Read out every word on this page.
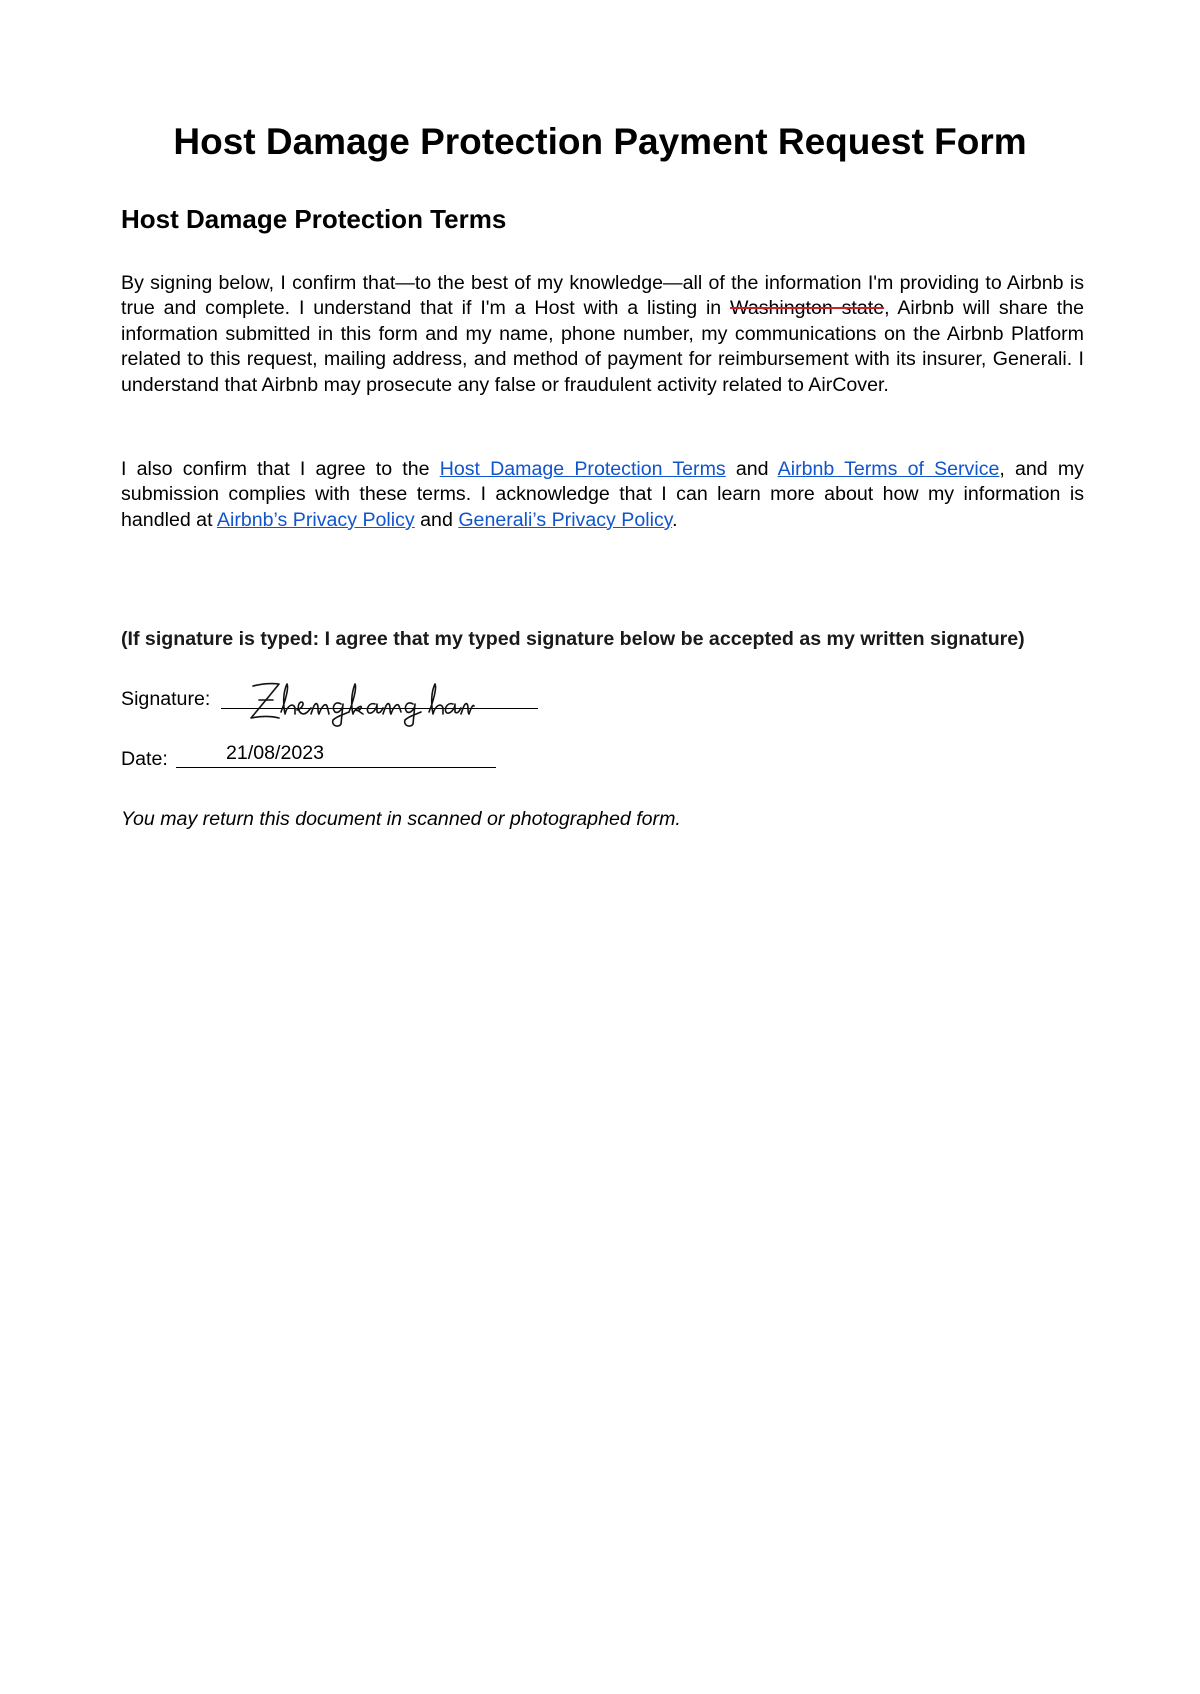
Host Damage Protection Payment Request Form
Host Damage Protection Terms

By signing below, I confirm that—to the best of my knowledge—all of the information I'm providing to Airbnb is true and complete. I understand that if I'm a Host with a listing in Washington state, Airbnb will share the information submitted in this form and my name, phone number, my communications on the Airbnb Platform related to this request, mailing address, and method of payment for reimbursement with its insurer, Generali. I understand that Airbnb may prosecute any false or fraudulent activity related to AirCover.

I also confirm that I agree to the Host Damage Protection Terms and Airbnb Terms of Service, and my submission complies with these terms. I acknowledge that I can learn more about how my information is handled at Airbnb’s Privacy Policy and Generali’s Privacy Policy.

(If signature is typed: I agree that my typed signature below be accepted as my written signature)

Signature:
Date:	21/08/2023

You may return this document in scanned or photographed form.
